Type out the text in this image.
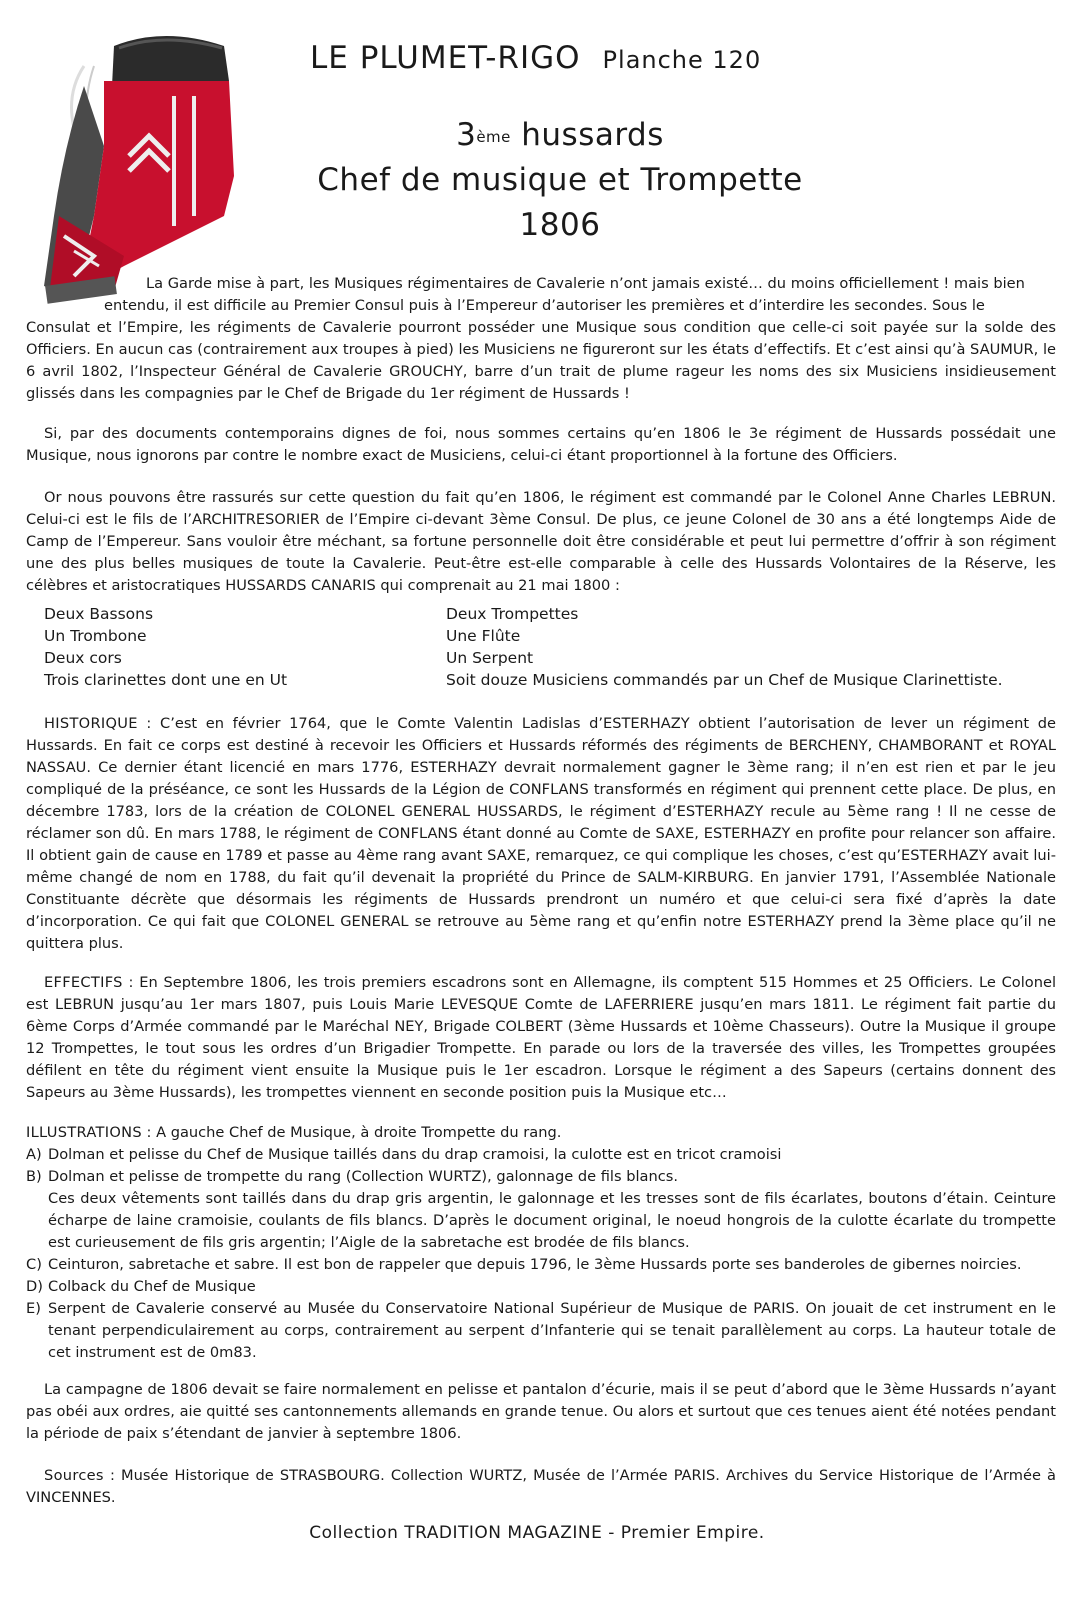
LE PLUMET-RIGO Planche 120
3ème hussards
Chef de musique et Trompette
1806
La Garde mise à part, les Musiques régimentaires de Cavalerie n’ont jamais existé… du moins officiellement ! mais bien
entendu, il est difficile au Premier Consul puis à l’Empereur d’autoriser les premières et d’interdire les secondes. Sous le
Consulat et l’Empire, les régiments de Cavalerie pourront posséder une Musique sous condition que celle-ci soit payée sur la solde des Officiers. En aucun cas (contrairement aux troupes à pied) les Musiciens ne figureront sur les états d’effectifs. Et c’est ainsi qu’à SAUMUR, le 6 avril 1802, l’Inspecteur Général de Cavalerie GROUCHY, barre d’un trait de plume rageur les noms des six Musiciens insidieusement glissés dans les compagnies par le Chef de Brigade du 1er régiment de Hussards !
Si, par des documents contemporains dignes de foi, nous sommes certains qu’en 1806 le 3e régiment de Hussards possédait une Musique, nous ignorons par contre le nombre exact de Musiciens, celui-ci étant proportionnel à la fortune des Officiers.
Or nous pouvons être rassurés sur cette question du fait qu’en 1806, le régiment est commandé par le Colonel Anne Charles LEBRUN. Celui-ci est le fils de l’ARCHITRESORIER de l’Empire ci-devant 3ème Consul. De plus, ce jeune Colonel de 30 ans a été longtemps Aide de Camp de l’Empereur. Sans vouloir être méchant, sa fortune personnelle doit être considérable et peut lui permettre d’offrir à son régiment une des plus belles musiques de toute la Cavalerie. Peut-être est-elle comparable à celle des Hussards Volontaires de la Réserve, les célèbres et aristocratiques HUSSARDS CANARIS qui comprenait au 21 mai 1800 :
Deux Bassons
Un Trombone
Deux cors
Trois clarinettes dont une en Ut
Deux Trompettes
Une Flûte
Un Serpent
Soit douze Musiciens commandés par un Chef de Musique Clarinettiste.
HISTORIQUE : C’est en février 1764, que le Comte Valentin Ladislas d’ESTERHAZY obtient l’autorisation de lever un régiment de Hussards. En fait ce corps est destiné à recevoir les Officiers et Hussards réformés des régiments de BERCHENY, CHAMBORANT et ROYAL NASSAU. Ce dernier étant licencié en mars 1776, ESTERHAZY devrait normalement gagner le 3ème rang; il n’en est rien et par le jeu compliqué de la préséance, ce sont les Hussards de la Légion de CONFLANS transformés en régiment qui prennent cette place. De plus, en décembre 1783, lors de la création de COLONEL GENERAL HUSSARDS, le régiment d’ESTERHAZY recule au 5ème rang ! Il ne cesse de réclamer son dû. En mars 1788, le régiment de CONFLANS étant donné au Comte de SAXE, ESTERHAZY en profite pour relancer son affaire. Il obtient gain de cause en 1789 et passe au 4ème rang avant SAXE, remarquez, ce qui complique les choses, c’est qu’ESTERHAZY avait lui-même changé de nom en 1788, du fait qu’il devenait la propriété du Prince de SALM-KIRBURG. En janvier 1791, l’Assemblée Nationale Constituante décrète que désormais les régiments de Hussards prendront un numéro et que celui-ci sera fixé d’après la date d’incorporation. Ce qui fait que COLONEL GENERAL se retrouve au 5ème rang et qu’enfin notre ESTERHAZY prend la 3ème place qu’il ne quittera plus.
EFFECTIFS : En Septembre 1806, les trois premiers escadrons sont en Allemagne, ils comptent 515 Hommes et 25 Officiers. Le Colonel est LEBRUN jusqu’au 1er mars 1807, puis Louis Marie LEVESQUE Comte de LAFERRIERE jusqu’en mars 1811. Le régiment fait partie du 6ème Corps d’Armée commandé par le Maréchal NEY, Brigade COLBERT (3ème Hussards et 10ème Chasseurs). Outre la Musique il groupe 12 Trompettes, le tout sous les ordres d’un Brigadier Trompette. En parade ou lors de la traversée des villes, les Trompettes groupées défilent en tête du régiment vient ensuite la Musique puis le 1er escadron. Lorsque le régiment a des Sapeurs (certains donnent des Sapeurs au 3ème Hussards), les trompettes viennent en seconde position puis la Musique etc…
ILLUSTRATIONS : A gauche Chef de Musique, à droite Trompette du rang.
A) Dolman et pelisse du Chef de Musique taillés dans du drap cramoisi, la culotte est en tricot cramoisi
B) Dolman et pelisse de trompette du rang (Collection WURTZ), galonnage de fils blancs.
Ces deux vêtements sont taillés dans du drap gris argentin, le galonnage et les tresses sont de fils écarlates, boutons d’étain. Ceinture écharpe de laine cramoisie, coulants de fils blancs. D’après le document original, le noeud hongrois de la culotte écarlate du trompette est curieusement de fils gris argentin; l’Aigle de la sabretache est brodée de fils blancs.
C) Ceinturon, sabretache et sabre. Il est bon de rappeler que depuis 1796, le 3ème Hussards porte ses banderoles de gibernes noircies.
D) Colback du Chef de Musique
E) Serpent de Cavalerie conservé au Musée du Conservatoire National Supérieur de Musique de PARIS. On jouait de cet instrument en le tenant perpendiculairement au corps, contrairement au serpent d’Infanterie qui se tenait parallèlement au corps. La hauteur totale de cet instrument est de 0m83.
La campagne de 1806 devait se faire normalement en pelisse et pantalon d’écurie, mais il se peut d’abord que le 3ème Hussards n’ayant pas obéi aux ordres, aie quitté ses cantonnements allemands en grande tenue. Ou alors et surtout que ces tenues aient été notées pendant la période de paix s’étendant de janvier à septembre 1806.
Sources : Musée Historique de STRASBOURG. Collection WURTZ, Musée de l’Armée PARIS. Archives du Service Historique de l’Armée à VINCENNES.
Collection TRADITION MAGAZINE - Premier Empire.
